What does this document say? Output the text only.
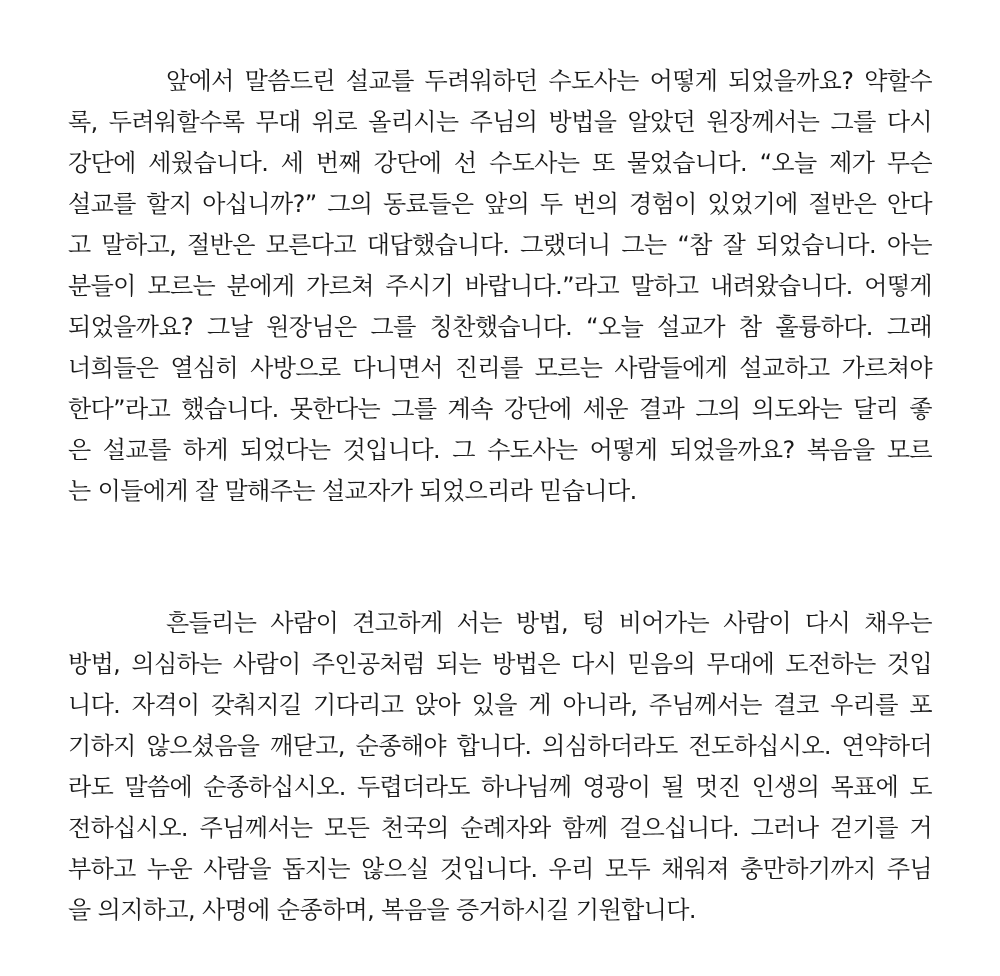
앞에서 말씀드린 설교를 두려워하던 수도사는 어떻게 되었을까요? 약할수
록, 두려워할수록 무대 위로 올리시는 주님의 방법을 알았던 원장께서는 그를 다시
강단에 세웠습니다. 세 번째 강단에 선 수도사는 또 물었습니다. “오늘 제가 무슨
설교를 할지 아십니까?” 그의 동료들은 앞의 두 번의 경험이 있었기에 절반은 안다
고 말하고, 절반은 모른다고 대답했습니다. 그랬더니 그는 “참 잘 되었습니다. 아는
분들이 모르는 분에게 가르쳐 주시기 바랍니다.”라고 말하고 내려왔습니다. 어떻게
되었을까요? 그날 원장님은 그를 칭찬했습니다. “오늘 설교가 참 훌륭하다. 그래
너희들은 열심히 사방으로 다니면서 진리를 모르는 사람들에게 설교하고 가르쳐야
한다”라고 했습니다. 못한다는 그를 계속 강단에 세운 결과 그의 의도와는 달리 좋
은 설교를 하게 되었다는 것입니다. 그 수도사는 어떻게 되었을까요? 복음을 모르
는 이들에게 잘 말해주는 설교자가 되었으리라 믿습니다.
흔들리는 사람이 견고하게 서는 방법, 텅 비어가는 사람이 다시 채우는
방법, 의심하는 사람이 주인공처럼 되는 방법은 다시 믿음의 무대에 도전하는 것입
니다. 자격이 갖춰지길 기다리고 앉아 있을 게 아니라, 주님께서는 결코 우리를 포
기하지 않으셨음을 깨닫고, 순종해야 합니다. 의심하더라도 전도하십시오. 연약하더
라도 말씀에 순종하십시오. 두렵더라도 하나님께 영광이 될 멋진 인생의 목표에 도
전하십시오. 주님께서는 모든 천국의 순례자와 함께 걸으십니다. 그러나 걷기를 거
부하고 누운 사람을 돕지는 않으실 것입니다. 우리 모두 채워져 충만하기까지 주님
을 의지하고, 사명에 순종하며, 복음을 증거하시길 기원합니다.
